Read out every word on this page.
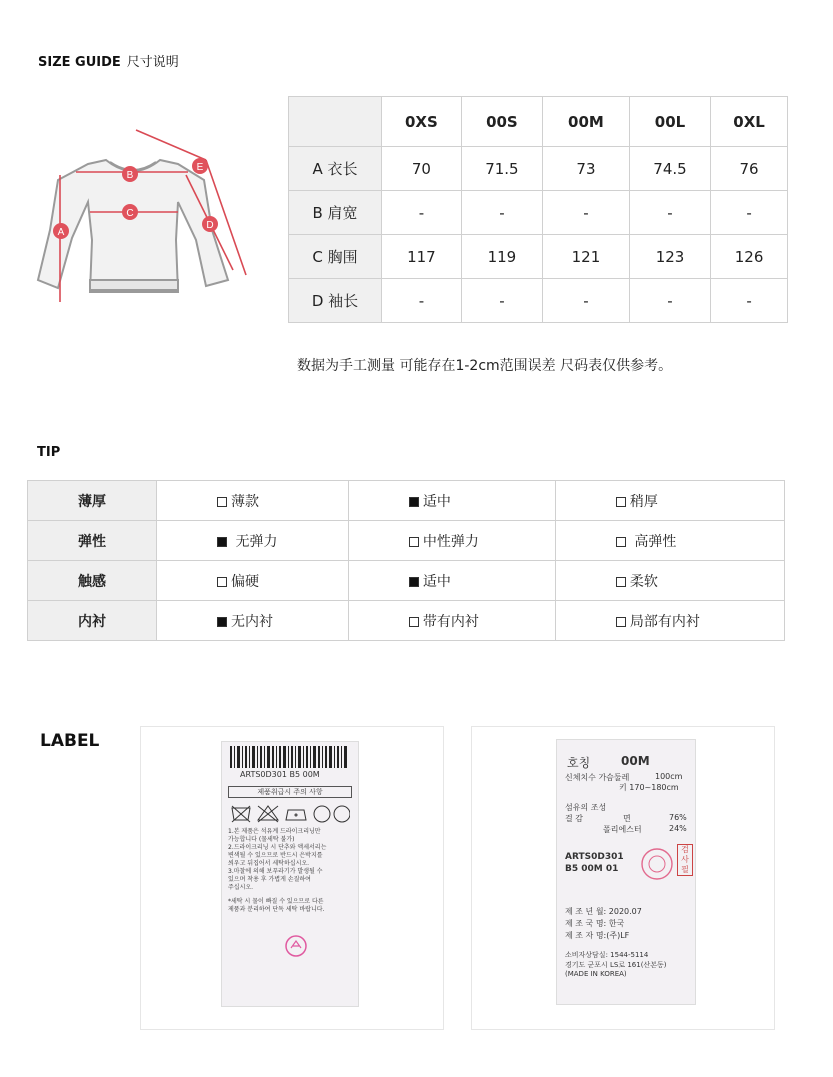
SIZE GUIDE 尺寸说明
A
B
C
D
E
	0XS	00S	00M	00L	0XL
A 衣长	70	71.5	73	74.5	76
B 肩宽	-	-	-	-	-
C 胸围	117	119	121	123	126
D 袖长	-	-	-	-	-
数据为手工测量 可能存在1-2cm范围误差 尺码表仅供参考。
TIP
薄厚	薄款	适中	稍厚
弹性	无弹力	中性弹力	高弹性
触感	偏硬	适中	柔软
内衬	无内衬	带有内衬	局部有内衬
LABEL
ARTS0D301 B5 00M
제품취급시 주의 사항
1.본 제품은 석유계 드라이크리닝만
가능합니다 (물세탁 불가)
2.드라이크리닝 시 단추와 액세서리는
변색될 수 있으므로 반드시 은박지를
씌우고 뒤집어서 세탁하십시오.
3.마찰에 의해 보푸라기가 발생될 수
있으며 착용 후 가볍게 손질하여
주십시오.
*세탁 시 물이 빠질 수 있으므로 다른
제품과 분리하여 단독 세탁 바랍니다.
호칭	00M
신체치수 가슴둘레	100cm
키 170~180cm
섬유의 조성
걸 감	면	76%
폴리에스터	24%
ARTS0D301
B5 00M 01
검사필
제 조 년 월: 2020.07
제 조 국 명: 한국
제 조 자 명:(주)LF
소비자상담실: 1544-5114
경기도 군포시 LS로 161(산본동)
(MADE IN KOREA)
